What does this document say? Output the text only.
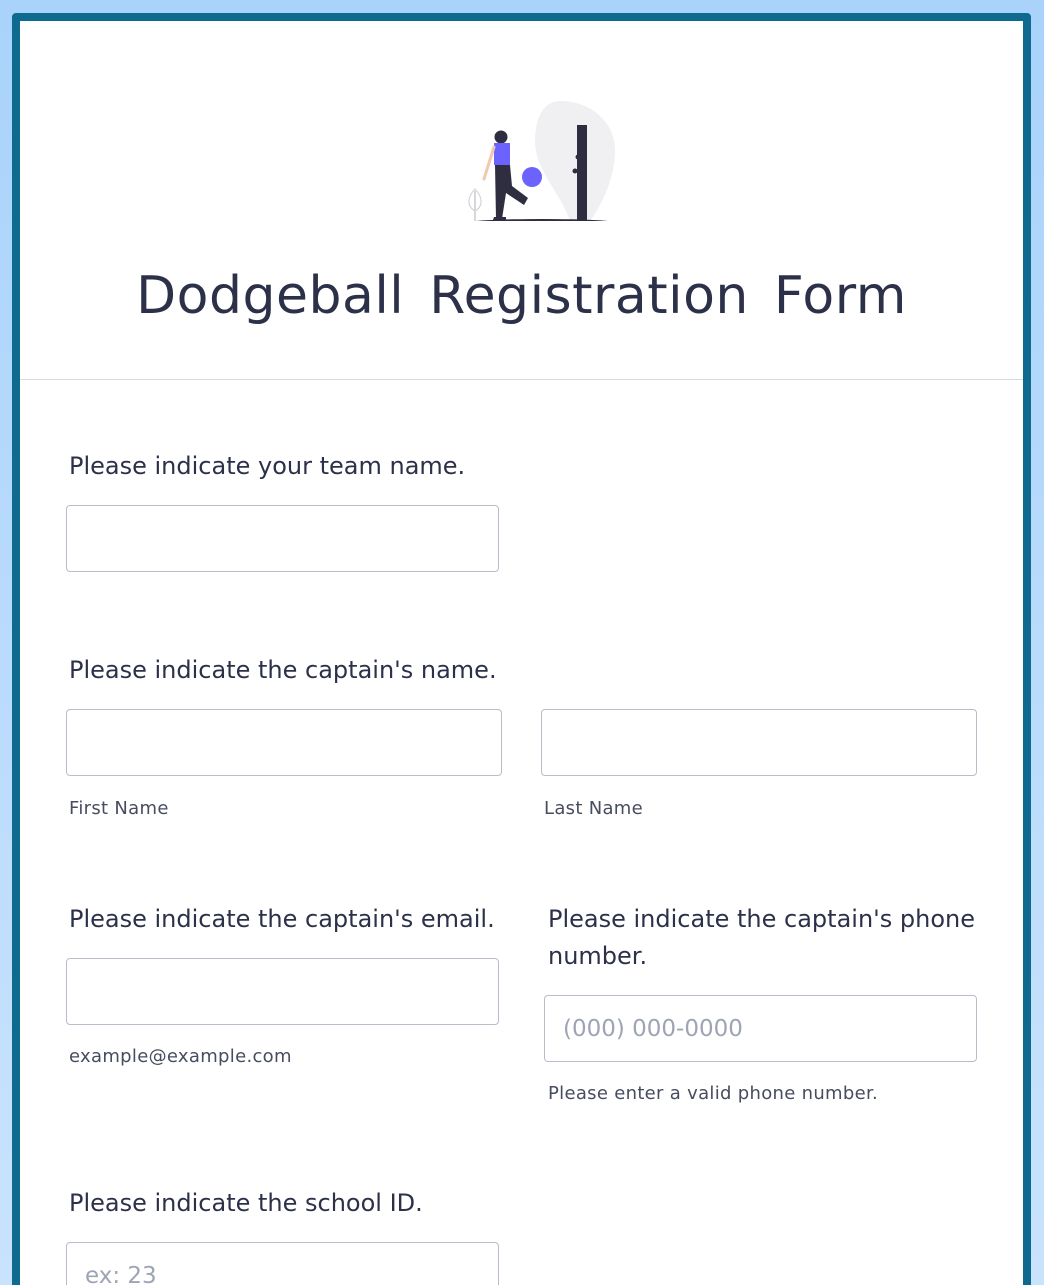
Dodgeball Registration Form
Please indicate your team name.
Please indicate the captain's name.
First Name	Last Name
Please indicate the captain's email.
example@example.com
Please indicate the captain's phone number.
(000) 000-0000
Please enter a valid phone number.
Please indicate the school ID.
ex: 23
